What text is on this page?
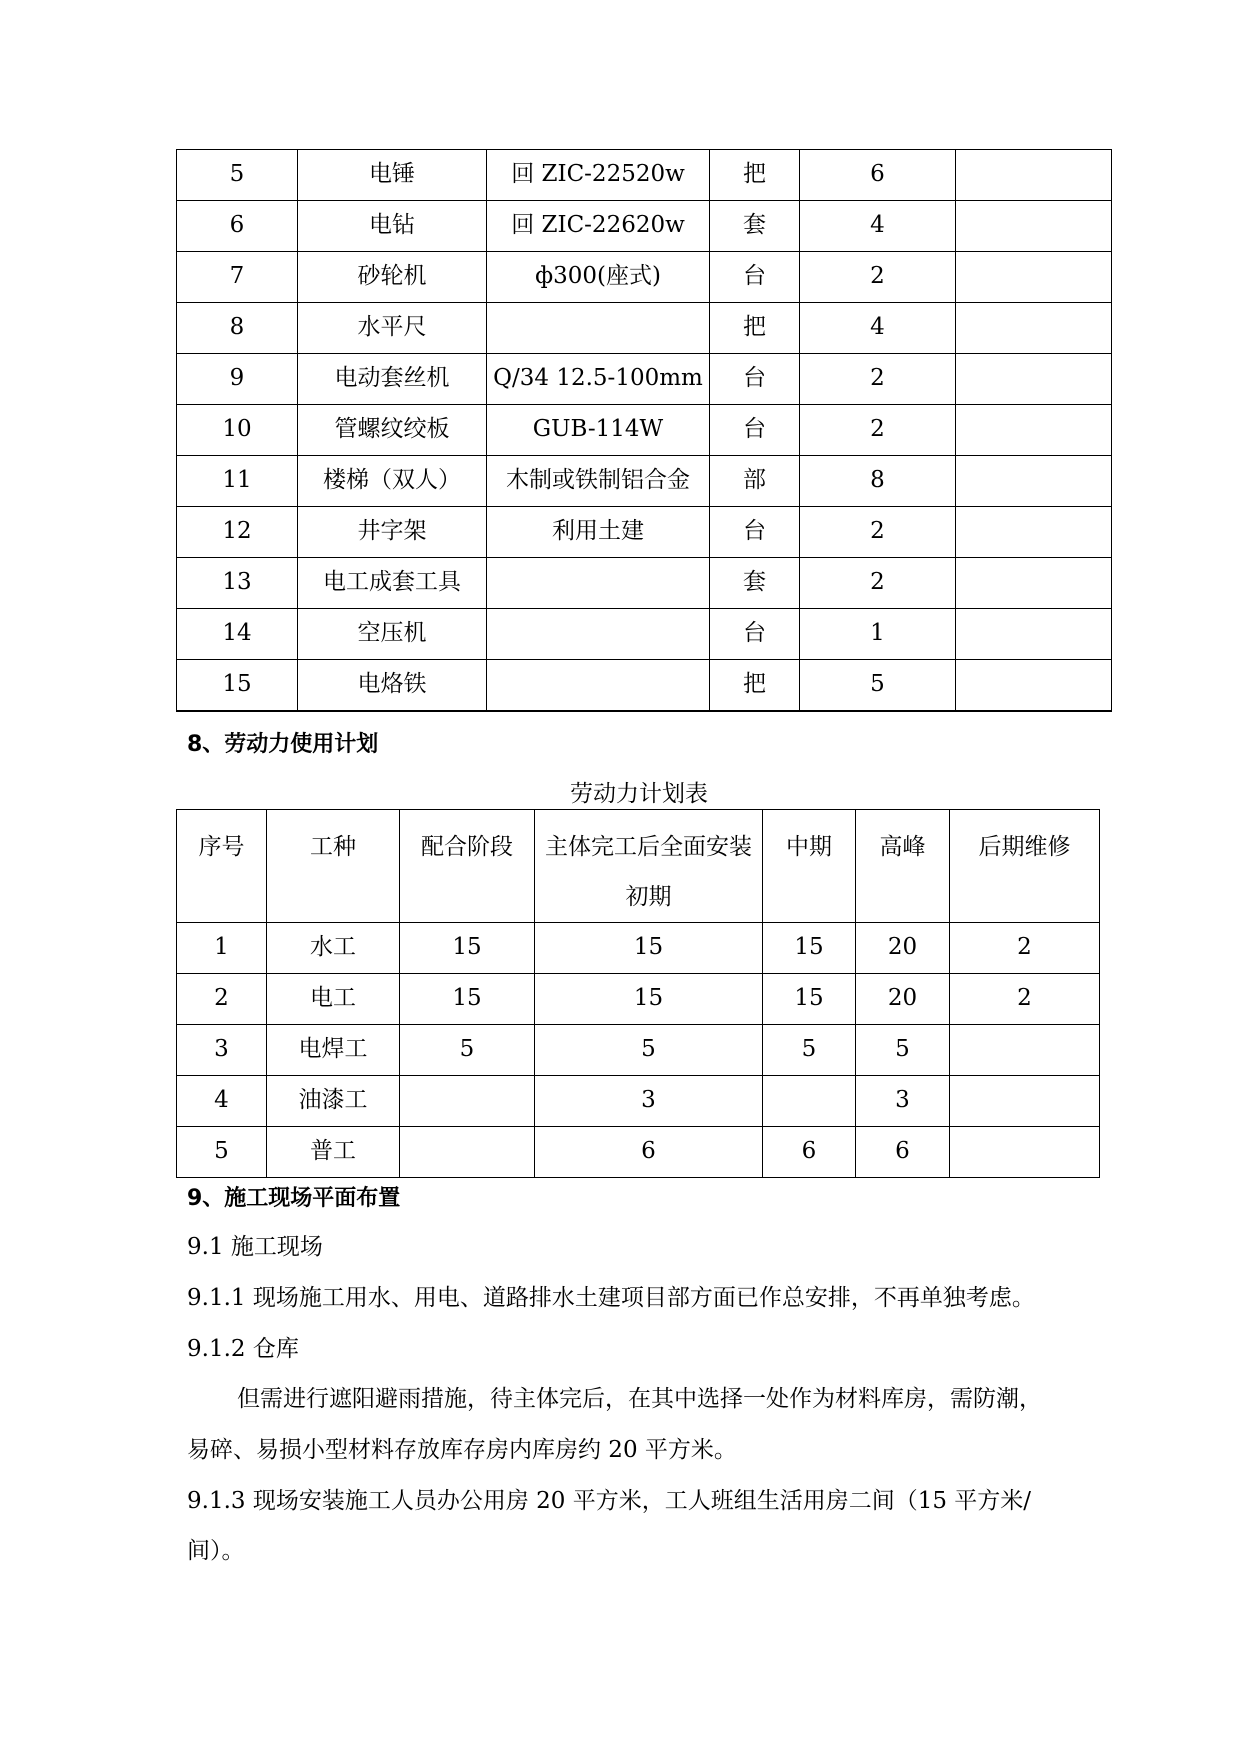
5	电锤	回 ZIC-22520w	把	6	
6	电钻	回 ZIC-22620w	套	4	
7	砂轮机	ф300(座式)	台	2	
8	水平尺		把	4	
9	电动套丝机	Q/34 12.5-100mm	台	2	
10	管螺纹绞板	GUB-114W	台	2	
11	楼梯（双人）	木制或铁制铝合金	部	8	
12	井字架	利用土建	台	2	
13	电工成套工具		套	2	
14	空压机		台	1	
15	电烙铁		把	5	
8、劳动力使用计划
劳动力计划表
序号	工种	配合阶段	主体完工后全面安装初期	中期	高峰	后期维修
1	水工	15	15	15	20	2
2	电工	15	15	15	20	2
3	电焊工	5	5	5	5	
4	油漆工		3		3	
5	普工		6	6	6	
9、施工现场平面布置
9.1 施工现场
9.1.1 现场施工用水、用电、道路排水土建项目部方面已作总安排，不再单独考虑。
9.1.2 仓库
但需进行遮阳避雨措施，待主体完后，在其中选择一处作为材料库房，需防潮，
易碎、易损小型材料存放库存房内库房约 20 平方米。
9.1.3 现场安装施工人员办公用房 20 平方米，工人班组生活用房二间（15 平方米/
间）。
